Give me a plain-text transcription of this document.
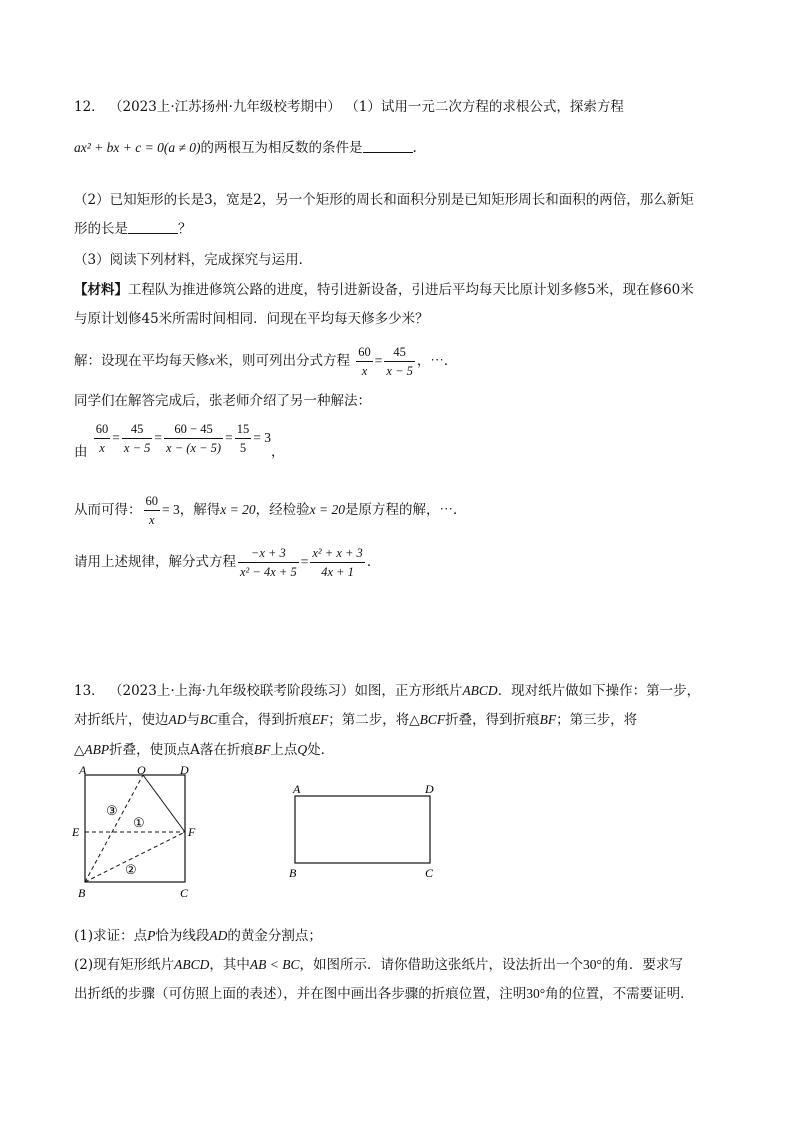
12． （2023上·江苏扬州·九年级校考期中） （1）试用一元二次方程的求根公式，探索方程
ax² + bx + c = 0(a ≠ 0)的两根互为相反数的条件是	.
（2）已知矩形的长是3，宽是2，另一个矩形的周长和面积分别是已知矩形周长和面积的两倍，那么新矩
形的长是	？
（3）阅读下列材料，完成探究与运用．
【材料】工程队为推进修筑公路的进度，特引进新设备，引进后平均每天比原计划多修5米，现在修60米
与原计划修45米所需时间相同．问现在平均每天修多少米？
解：设现在平均每天修x米，则可列出分式方程 $\frac{60}{x} = \frac{45}{x - 5}$ ，⋯．
同学们在解答完成后，张老师介绍了另一种解法：
由 $\frac{60}{x} = \frac{45}{x - 5} = \frac{60 - 45}{x - (x - 5)} = \frac{15}{5} = 3$，
从而可得： $\frac{60}{x} = 3$，解得x = 20，经检验x = 20是原方程的解，⋯．
请用上述规律，解分式方程 $\frac{-x + 3}{\text{x² − 4x + 5}} = \frac{\text{x² + x + 3}}{4x + 1}$ ．
13． （2023上·上海·九年级校联考阶段练习）如图，正方形纸片ABCD．现对纸片做如下操作：第一步，
对折纸片，使边AD与BC重合，得到折痕EF；第二步，将△BCF折叠，得到折痕BF；第三步，将
△ABP折叠，使顶点A落在折痕BF上点Q处．
A	O	D
E	F
B	C
③
①
②
A	D
B	C
(1)求证：点P恰为线段AD的黄金分割点；
(2)现有矩形纸片ABCD，其中AB < BC，如图所示．请你借助这张纸片，设法折出一个30°的角．要求写
出折纸的步骤（可仿照上面的表述），并在图中画出各步骤的折痕位置，注明30°角的位置，不需要证明．
